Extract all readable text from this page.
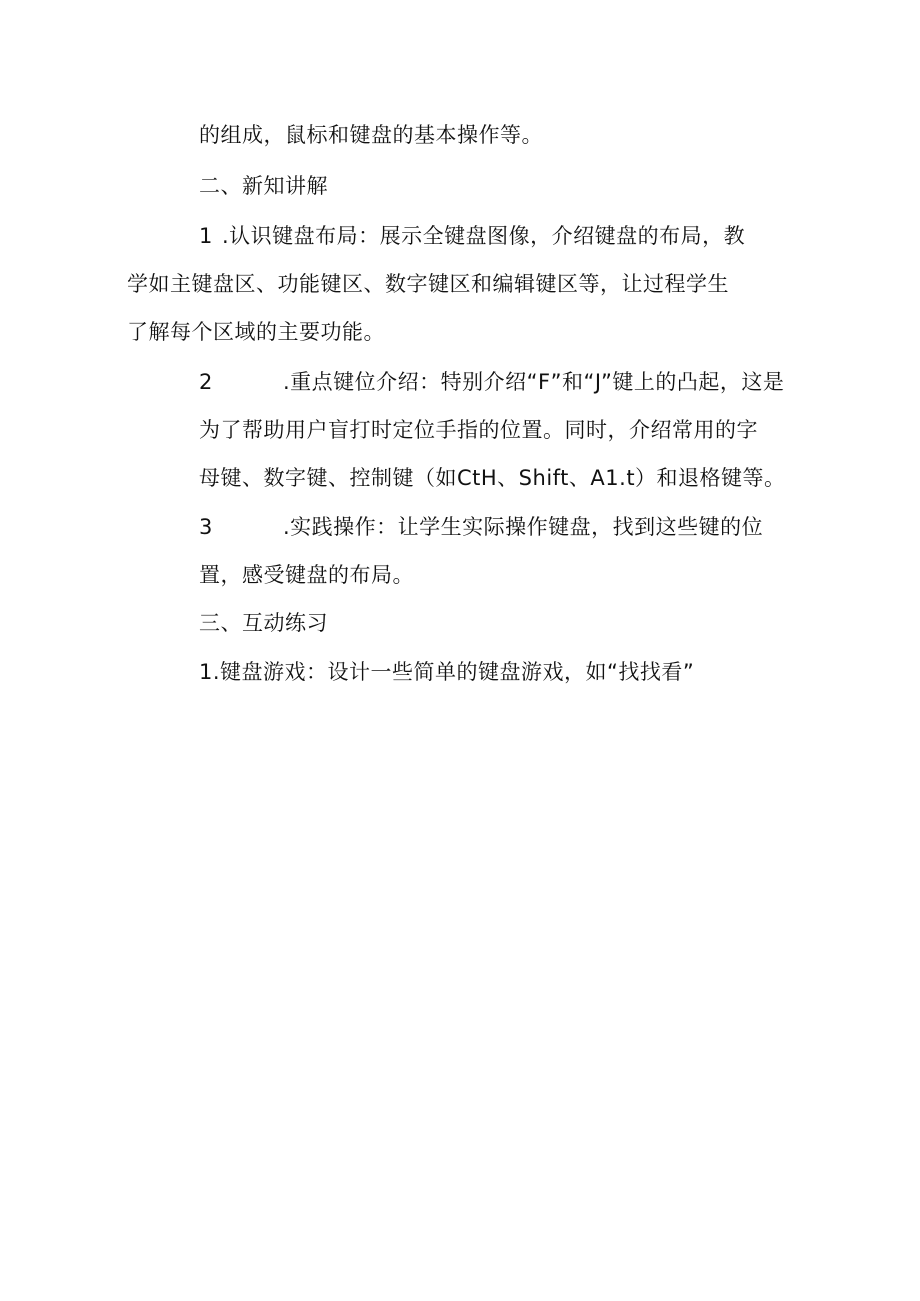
的组成，鼠标和键盘的基本操作等。
二、新知讲解
1 .认识键盘布局：展示全键盘图像，介绍键盘的布局，教
学如主键盘区、功能键区、数字键区和编辑键区等，让过程学生
了解每个区域的主要功能。
2	.重点键位介绍：特别介绍“F”和“J”键上的凸起，这是
为了帮助用户盲打时定位手指的位置。同时，介绍常用的字
母键、数字键、控制键（如CtH、Shift、A1.t）和退格键等。
3	.实践操作：让学生实际操作键盘，找到这些键的位
置，感受键盘的布局。
三、互动练习
1.键盘游戏：设计一些简单的键盘游戏，如“找找看”
